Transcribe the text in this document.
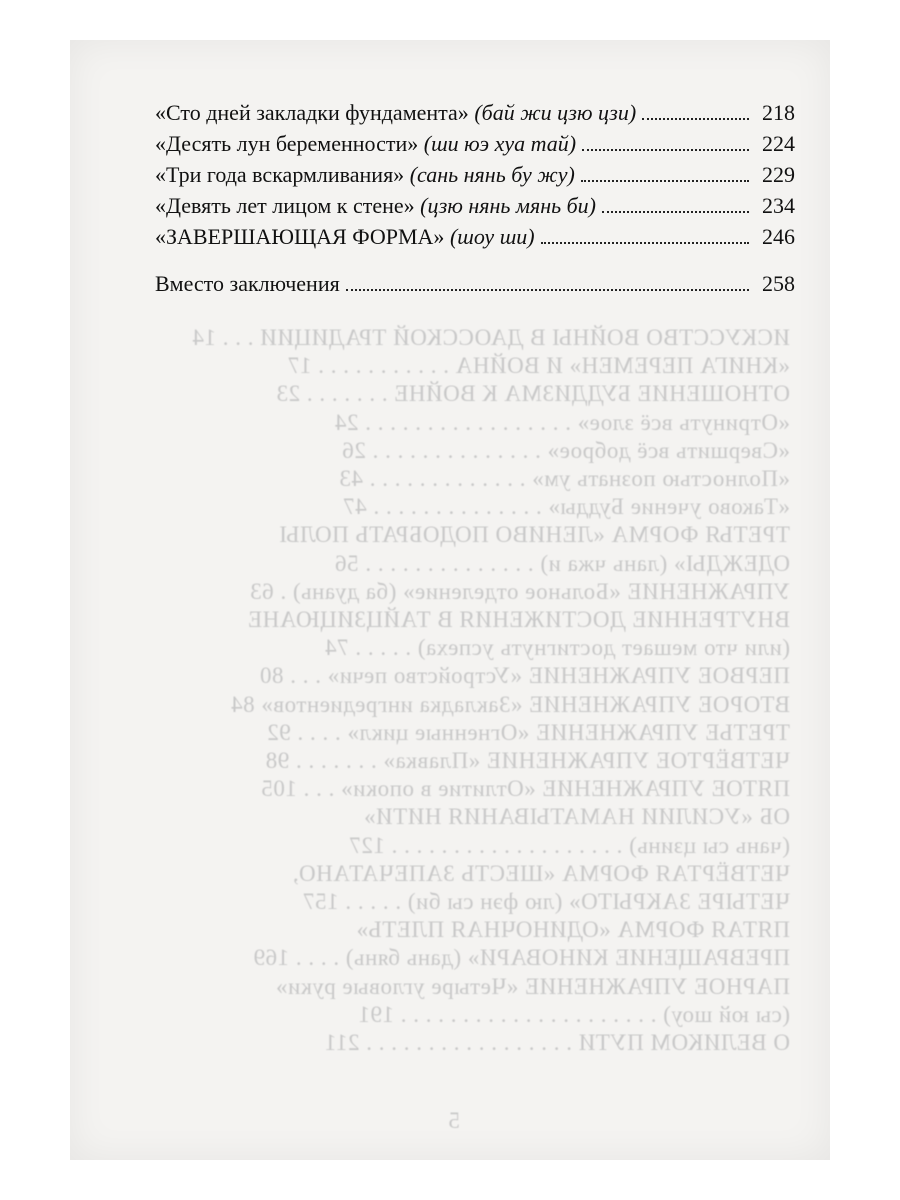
ИСКУССТВО ВОЙНЫ В ДАОССКОЙ ТРАДИЦИИ . . . 14
«КНИГА ПЕРЕМЕН» И ВОЙНА . . . . . . . . . . . 17
ОТНОШЕНИЕ БУДДИЗМА К ВОЙНЕ . . . . . . . 23
«Отринуть всё злое» . . . . . . . . . . . . . . . . . 24
«Свершить всё доброе» . . . . . . . . . . . . . . 26
«Полностью познать ум» . . . . . . . . . . . . . 43
«Таково учение Будды» . . . . . . . . . . . . . . 47
ТРЕТЬЯ ФОРМА «ЛЕНИВО ПОДОБРАТЬ ПОЛЫ
ОДЕЖДЫ» (лань чжа и) . . . . . . . . . . . . . . 56
УПРАЖНЕНИЕ «Больное отделение» (ба дуань) . 63
ВНУТРЕННИЕ ДОСТИЖЕНИЯ В ТАЙЦЗИЦЮАНЕ
(или что мешает достигнуть успеха) . . . . . 74
ПЕРВОЕ УПРАЖНЕНИЕ «Устройство печи» . . . 80
ВТОРОЕ УПРАЖНЕНИЕ «Закладка ингредиентов» 84
ТРЕТЬЕ УПРАЖНЕНИЕ «Огненные цикл» . . . . 92
ЧЕТВЁРТОЕ УПРАЖНЕНИЕ «Плавка» . . . . . . . 98
ПЯТОЕ УПРАЖНЕНИЕ «Отлитие в опоки» . . . 105
ОБ «УСИЛИИ НАМАТЫВАНИЯ НИТИ»
(чань сы цзинь) . . . . . . . . . . . . . . . . . . . 127
ЧЕТВЁРТАЯ ФОРМА «ШЕСТЬ ЗАПЕЧАТАНО,
ЧЕТЫРЕ ЗАКРЫТО» (лю фэн сы би) . . . . . 157
ПЯТАЯ ФОРМА «ОДИНОЧНАЯ ПЛЕТЬ»
ПРЕВРАЩЕНИЕ КИНОВАРИ» (дань бянь) . . . . 169
ПАРНОЕ УПРАЖНЕНИЕ «Четыре угловые руки»
(сы юй шоу) . . . . . . . . . . . . . . . . . . . . . 191
О ВЕЛИКОМ ПУТИ . . . . . . . . . . . . . . . . . 211
5
«Сто дней закладки фундамента» (бай жи цзю цзи)	218
«Десять лун беременности» (ши юэ хуа тай)	224
«Три года вскармливания» (сань нянь бу жу)	229
«Девять лет лицом к стене» (цзю нянь мянь би)	234
«ЗАВЕРШАЮЩАЯ ФОРМА» (шоу ши)	246
Вместо заключения	258
